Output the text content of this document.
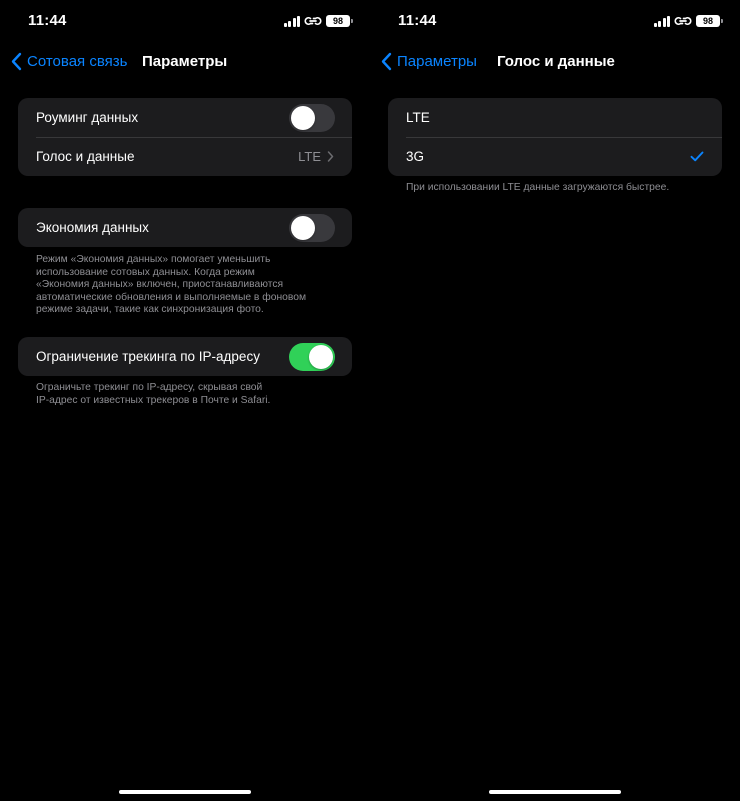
11:44	98
Сотовая связь Параметры
Роуминг данных
Голос и данные	LTE
Экономия данных
Режим «Экономия данных» помогает уменьшить
использование сотовых данных. Когда режим
«Экономия данных» включен, приостанавливаются
автоматические обновления и выполняемые в фоновом
режиме задачи, такие как синхронизация фото.
Ограничение трекинга по IP-адресу
Ограничьте трекинг по IP-адресу, скрывая свой
IP-адрес от известных трекеров в Почте и Safari.
11:44	98
Параметры Голос и данные
LTE
3G
При использовании LTE данные загружаются быстрее.
